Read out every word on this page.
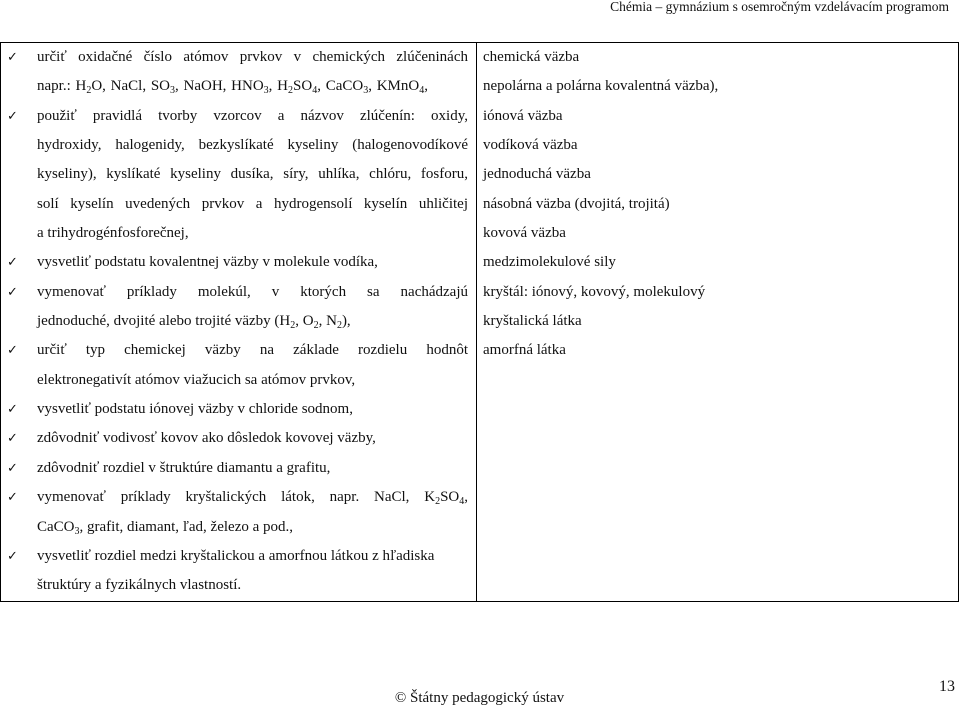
Chémia – gymnázium s osemročným vzdelávacím programom
✓ určiť oxidačné číslo atómov prvkov v chemických zlúčeninách
napr.: $H_2O$, NaCl, $SO_3$, NaOH, $HNO_3$, $H_2SO_4$, CaCO$_3$, KMnO$_4$,
✓ použiť pravidlá tvorby vzorcov a názvov zlúčenín: oxidy,
hydroxidy, halogenidy, bezkyslíkaté kyseliny (halogenovodíkové
kyseliny), kyslíkaté kyseliny dusíka, síry, uhlíka, chlóru, fosforu,
solí kyselín uvedených prvkov a hydrogensolí kyselín uhličitej
a trihydrogénfosforečnej,
✓ vysvetliť podstatu kovalentnej väzby v molekule vodíka,
✓ vymenovať príklady molekúl, v ktorých sa nachádzajú
jednoduché, dvojité alebo trojité väzby ($H_2$, $O_2$, $N_2$),
✓ určiť typ chemickej väzby na základe rozdielu hodnôt
elektronegativít atómov viažucich sa atómov prvkov,
✓ vysvetliť podstatu iónovej väzby v chloride sodnom,
✓ zdôvodniť vodivosť kovov ako dôsledok kovovej väzby,
✓ zdôvodniť rozdiel v štruktúre diamantu a grafitu,
✓ vymenovať príklady kryštalických látok, napr. NaCl, $K_2SO_4$,
CaCO$_3$, grafit, diamant, ľad, železo a pod.,
✓ vysvetliť rozdiel medzi kryštalickou a amorfnou látkou z hľadiska
štruktúry a fyzikálnych vlastností.

chemická väzba
nepolárna a polárna kovalentná väzba),
iónová väzba
vodíková väzba
jednoduchá väzba
násobná väzba (dvojitá, trojitá)
kovová väzba
medzimolekulové sily
kryštál: iónový, kovový, molekulový
kryštalická látka
amorfná látka
13
© Štátny pedagogický ústav
